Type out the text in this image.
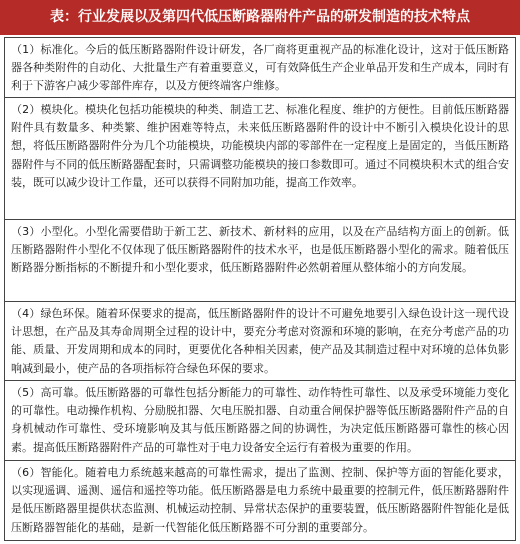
表：行业发展以及第四代低压断路器附件产品的研发制造的技术特点
（1）标准化。今后的低压断路器附件设计研发，各厂商将更重视产品的标准化设计，这对于低压断路器各种类附件的自动化、大批量生产有着重要意义，可有效降低生产企业单品开发和生产成本，同时有利于下游客户减少零部件库存，以及方便终端客户维修。
（2）模块化。模块化包括功能模块的种类、制造工艺、标准化程度、维护的方便性。目前低压断路器附件具有数量多、种类繁、维护困难等特点，未来低压断路器附件的设计中不断引入模块化设计的思想，将低压断路器附件分为几个功能模块，功能模块内部的零部件在一定程度上是固定的，当低压断路器附件与不同的低压断路器配套时，只需调整功能模块的接口参数即可。通过不同模块积木式的组合安装，既可以减少设计工作量，还可以获得不同附加功能，提高工作效率。
（3）小型化。小型化需要借助于新工艺、新技术、新材料的应用，以及在产品结构方面上的创新。低压断路器附件小型化不仅体现了低压断路器附件的技术水平，也是低压断路器小型化的需求。随着低压断路器分断指标的不断提升和小型化要求，低压断路器附件必然朝着厘从整体缩小的方向发展。
（4）绿色环保。随着环保要求的提高，低压断路器附件的设计不可避免地要引入绿色设计这一现代设计思想，在产品及其寿命周期全过程的设计中，要充分考虑对资源和环境的影响，在充分考虑产品的功能、质量、开发周期和成本的同时，更要优化各种相关因素，使产品及其制造过程中对环境的总体负影响减到最小，使产品的各项指标符合绿色环保的要求。
（5）高可靠。低压断路器的可靠性包括分断能力的可靠性、动作特性可靠性、以及承受环境能力变化的可靠性。电动操作机构、分励脱扣器、欠电压脱扣器、自动重合闸保护器等低压断路器附件产品的自身机械动作可靠性、受环境影响及其与低压断路器之间的协调性，为决定低压断路器可靠性的核心因素。提高低压断路器附件产品的可靠性对于电力设备安全运行有着极为重要的作用。
（6）智能化。随着电力系统越来越高的可靠性需求，提出了监测、控制、保护等方面的智能化要求，以实现遥调、遥测、遥信和遥控等功能。低压断路器是电力系统中最重要的控制元件，低压断路器附件是低压断路器里提供状态监测、机械运动控制、异常状态保护的重要装置，低压断路器附件智能化是低压断路器智能化的基础，是新一代智能化低压断路器不可分割的重要部分。
